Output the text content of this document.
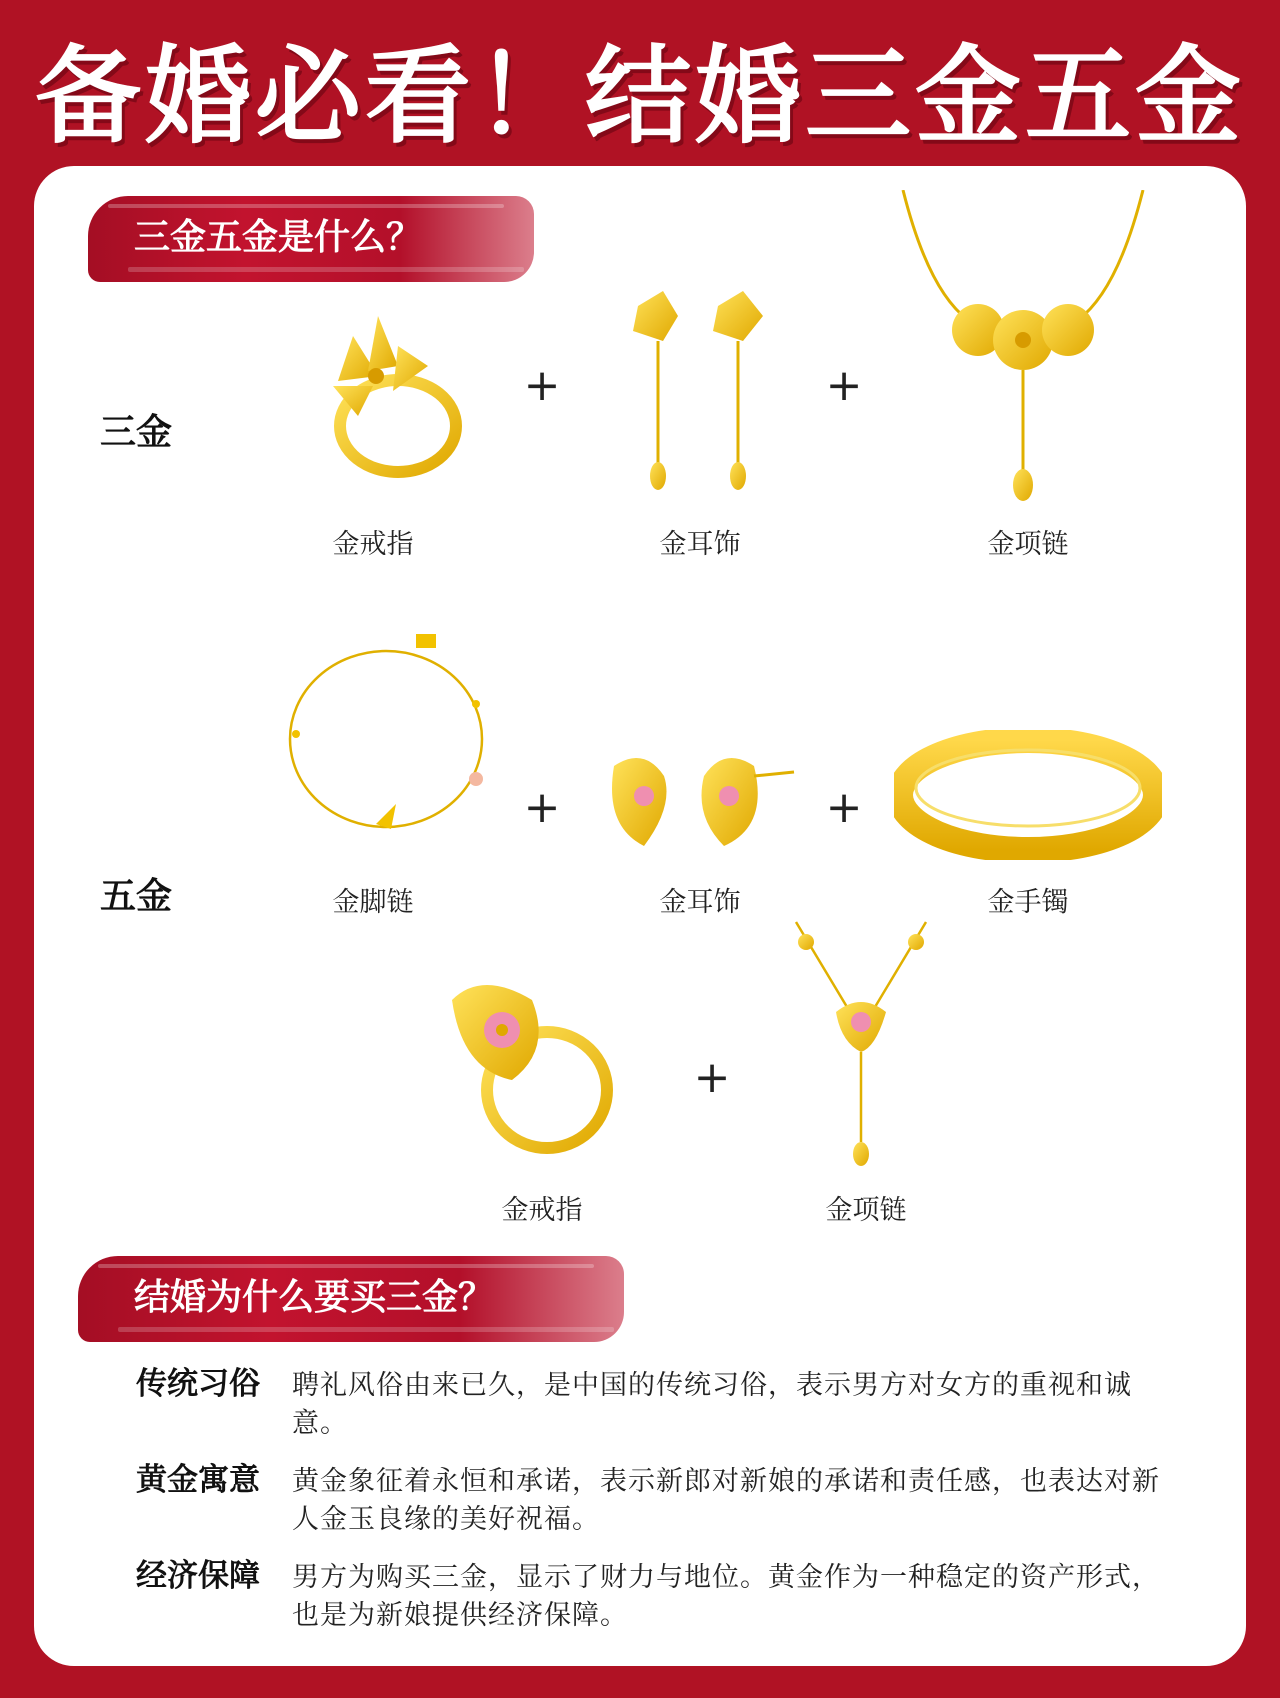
备婚必看！结婚三金五金
三金五金是什么？
三金
金戒指
+
金耳饰
+
金项链
五金	金脚链
+
金耳饰
+
金手镯
金戒指
+
金项链
结婚为什么要买三金？
传统习俗 聘礼风俗由来已久，是中国的传统习俗，表示男方对女方的重视和诚意。
黄金寓意 黄金象征着永恒和承诺，表示新郎对新娘的承诺和责任感，也表达对新人金玉良缘的美好祝福。
经济保障 男方为购买三金，显示了财力与地位。黄金作为一种稳定的资产形式，也是为新娘提供经济保障。
